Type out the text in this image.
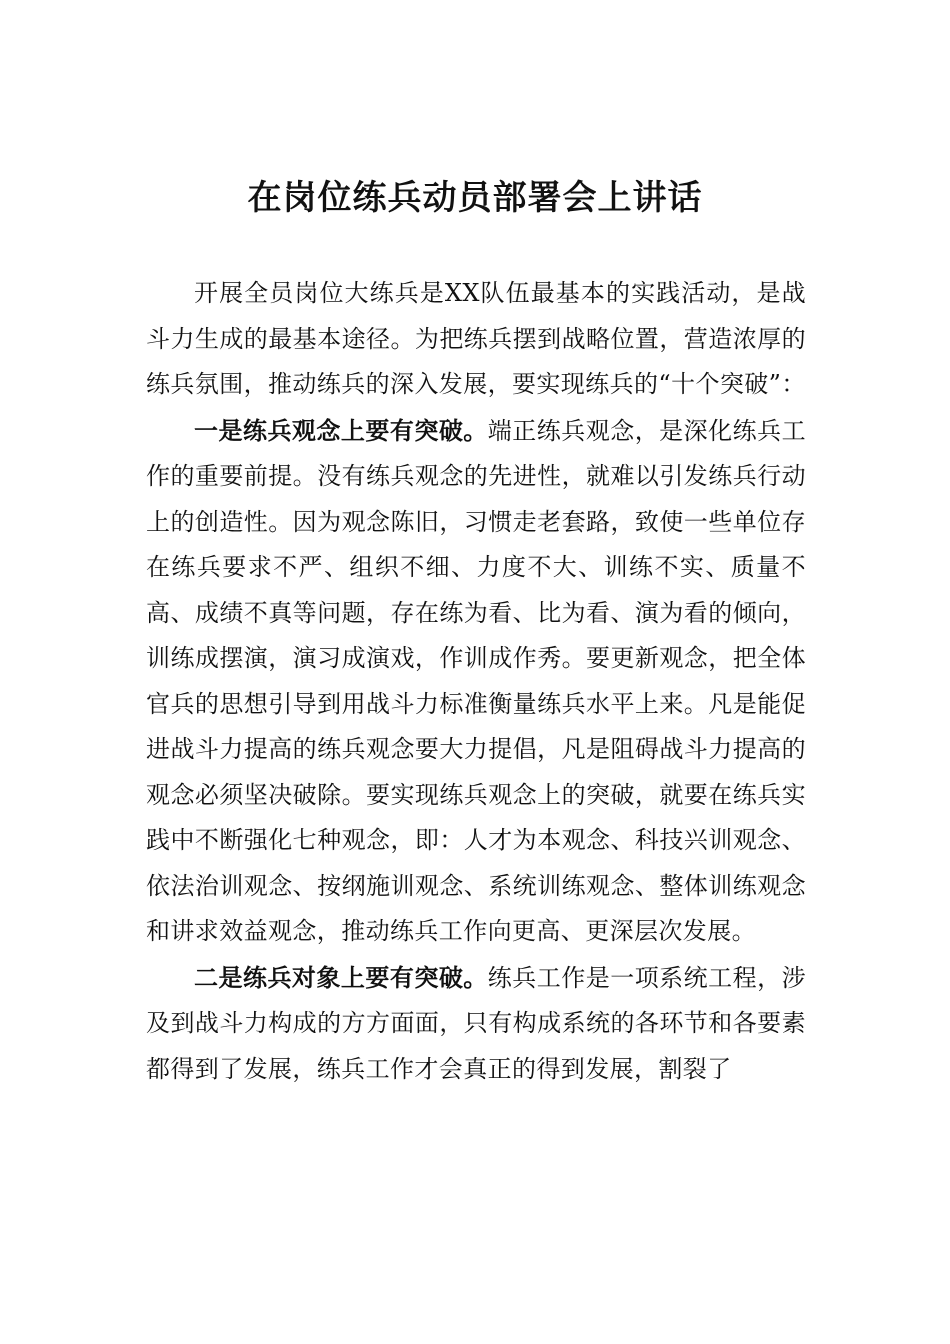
在岗位练兵动员部署会上讲话

开展全员岗位大练兵是XX队伍最基本的实践活动，是战斗力生成的最基本途径。为把练兵摆到战略位置，营造浓厚的练兵氛围，推动练兵的深入发展，要实现练兵的“十个突破”：

一是练兵观念上要有突破。端正练兵观念，是深化练兵工作的重要前提。没有练兵观念的先进性，就难以引发练兵行动上的创造性。因为观念陈旧，习惯走老套路，致使一些单位存在练兵要求不严、组织不细、力度不大、训练不实、质量不高、成绩不真等问题，存在练为看、比为看、演为看的倾向，训练成摆演，演习成演戏，作训成作秀。要更新观念，把全体官兵的思想引导到用战斗力标准衡量练兵水平上来。凡是能促进战斗力提高的练兵观念要大力提倡，凡是阻碍战斗力提高的观念必须坚决破除。要实现练兵观念上的突破，就要在练兵实践中不断强化七种观念，即：人才为本观念、科技兴训观念、依法治训观念、按纲施训观念、系统训练观念、整体训练观念和讲求效益观念，推动练兵工作向更高、更深层次发展。

二是练兵对象上要有突破。练兵工作是一项系统工程，涉及到战斗力构成的方方面面，只有构成系统的各环节和各要素都得到了发展，练兵工作才会真正的得到发展，割裂了
